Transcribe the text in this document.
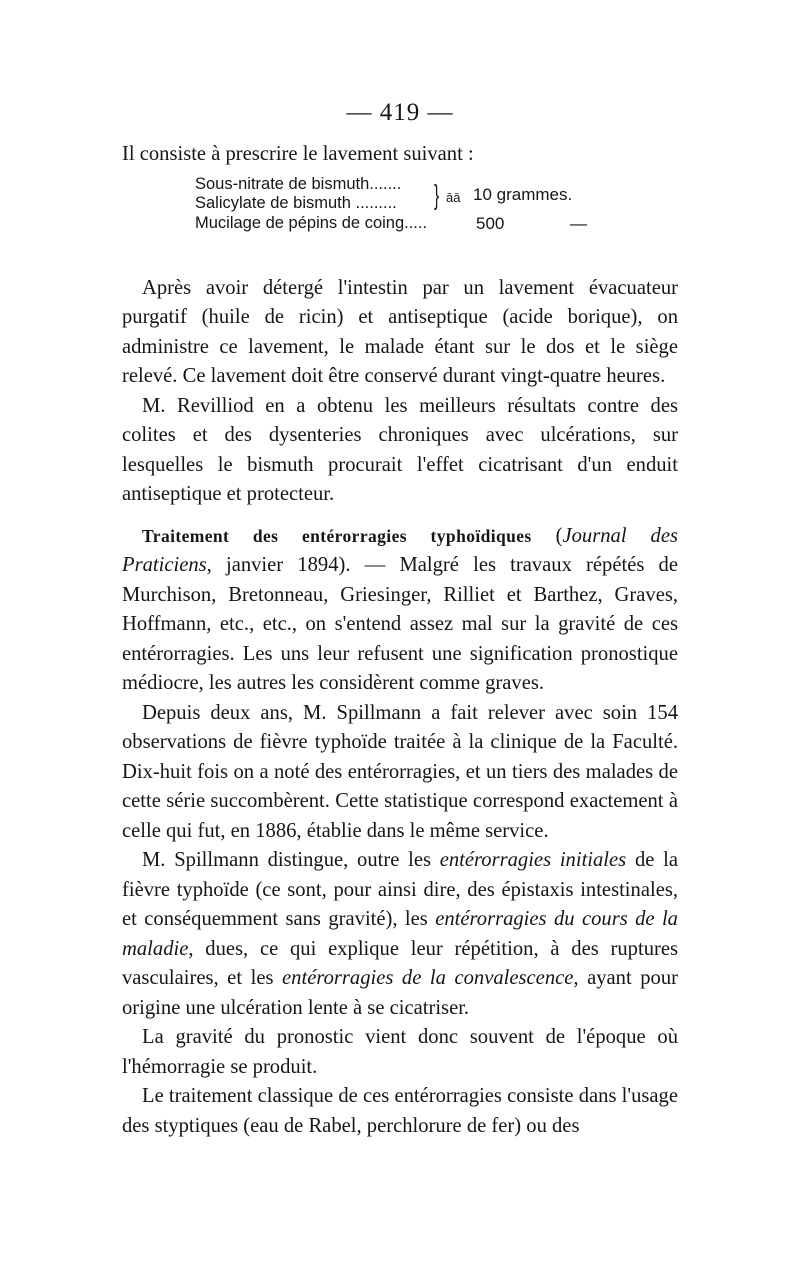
— 419 —

Il consiste à prescrire le lavement suivant :

Sous-nitrate de bismuth.......
Salicylate de bismuth .........
Mucilage de pépins de coing.....
} āā 10 grammes.
500	—

Après avoir détergé l'intestin par un lavement évacuateur purgatif (huile de ricin) et antiseptique (acide borique), on administre ce lavement, le malade étant sur le dos et le siège relevé. Ce lavement doit être conservé durant vingt-quatre heures.

M. Revilliod en a obtenu les meilleurs résultats contre des colites et des dysenteries chroniques avec ulcérations, sur lesquelles le bismuth procurait l'effet cicatrisant d'un enduit antiseptique et protecteur.

Traitement des entérorragies typhoïdiques (Journal des Praticiens, janvier 1894). — Malgré les travaux répétés de Murchison, Bretonneau, Griesinger, Rilliet et Barthez, Graves, Hoffmann, etc., etc., on s'entend assez mal sur la gravité de ces entérorragies. Les uns leur refusent une signification pronostique médiocre, les autres les considèrent comme graves.

Depuis deux ans, M. Spillmann a fait relever avec soin 154 observations de fièvre typhoïde traitée à la clinique de la Faculté. Dix-huit fois on a noté des entérorragies, et un tiers des malades de cette série succombèrent. Cette statistique correspond exactement à celle qui fut, en 1886, établie dans le même service.

M. Spillmann distingue, outre les entérorragies initiales de la fièvre typhoïde (ce sont, pour ainsi dire, des épistaxis intestinales, et conséquemment sans gravité), les entérorragies du cours de la maladie, dues, ce qui explique leur répétition, à des ruptures vasculaires, et les entérorragies de la convalescence, ayant pour origine une ulcération lente à se cicatriser.

La gravité du pronostic vient donc souvent de l'époque où l'hémorragie se produit.

Le traitement classique de ces entérorragies consiste dans l'usage des styptiques (eau de Rabel, perchlorure de fer) ou des
